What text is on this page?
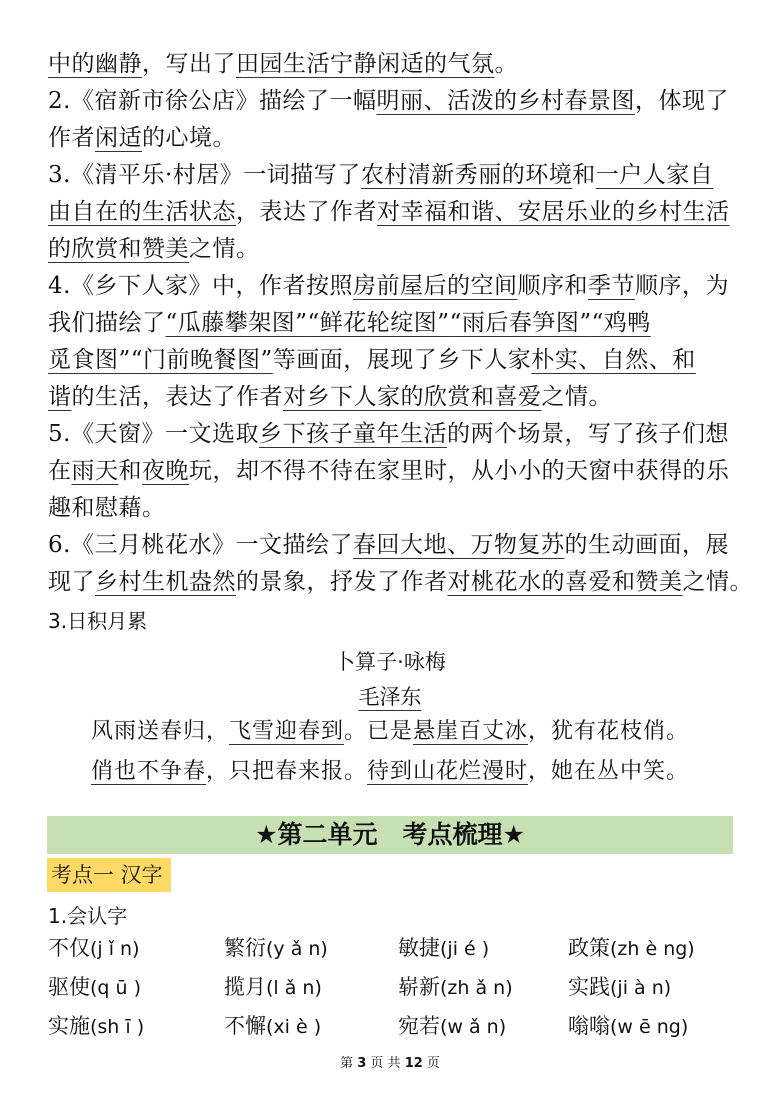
中的幽静，写出了田园生活宁静闲适的气氛。
2.《宿新市徐公店》描绘了一幅明丽、活泼的乡村春景图，体现了
作者闲适的心境。
3.《清平乐·村居》一词描写了农村清新秀丽的环境和一户人家自
由自在的生活状态，表达了作者对幸福和谐、安居乐业的乡村生活
的欣赏和赞美之情。
4.《乡下人家》中，作者按照房前屋后的空间顺序和季节顺序，为
我们描绘了“瓜藤攀架图”“鲜花轮绽图”“雨后春笋图”“鸡鸭
觅食图”“门前晚餐图”等画面，展现了乡下人家朴实、自然、和
谐的生活，表达了作者对乡下人家的欣赏和喜爱之情。
5.《天窗》一文选取乡下孩子童年生活的两个场景，写了孩子们想
在雨天和夜晚玩，却不得不待在家里时，从小小的天窗中获得的乐
趣和慰藉。
6.《三月桃花水》一文描绘了春回大地、万物复苏的生动画面，展
现了乡村生机盎然的景象，抒发了作者对桃花水的喜爱和赞美之情。
3.日积月累
卜算子·咏梅
毛泽东
风雨送春归，飞雪迎春到。已是悬崖百丈冰，犹有花枝俏。
俏也不争春，只把春来报。待到山花烂漫时，她在丛中笑。
★第二单元　考点梳理★
考点一 汉字
1.会认字
不仅(j ǐ n)	繁衍(y ǎ n)	敏捷(ji é )	政策(zh è ng)
驱使(q ū )	揽月(l ǎ n)	崭新(zh ǎ n)	实践(ji à n)
实施(sh ī )	不懈(xi è )	宛若(w ǎ n)	嗡嗡(w ē ng)
第 3 页 共 12 页
